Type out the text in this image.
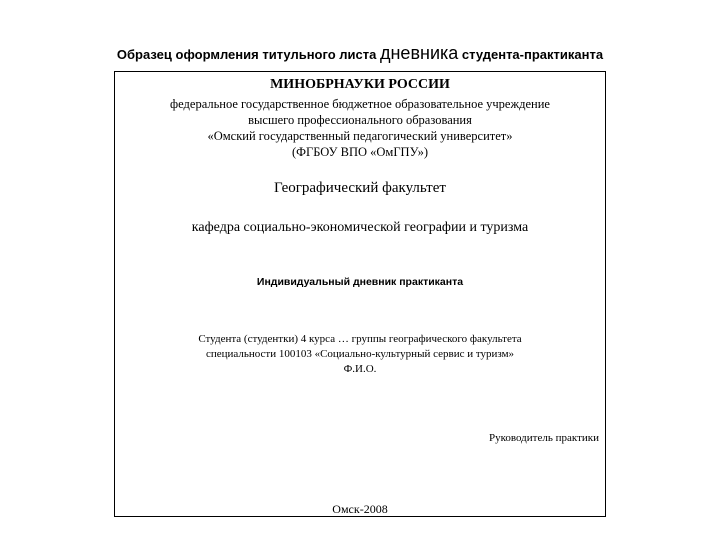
Образец оформления титульного листа дневника студента-практиканта
МИНОБРНАУКИ РОССИИ
федеральное государственное бюджетное образовательное учреждение
высшего профессионального образования
«Омский государственный педагогический университет»
(ФГБОУ ВПО «ОмГПУ»)
Географический факультет
кафедра социально-экономической географии и туризма
Индивидуальный дневник практиканта
Студента (студентки) 4 курса … группы географического факультета
специальности 100103 «Социально-культурный сервис и туризм»
Ф.И.О.
Руководитель практики
Омск-2008
